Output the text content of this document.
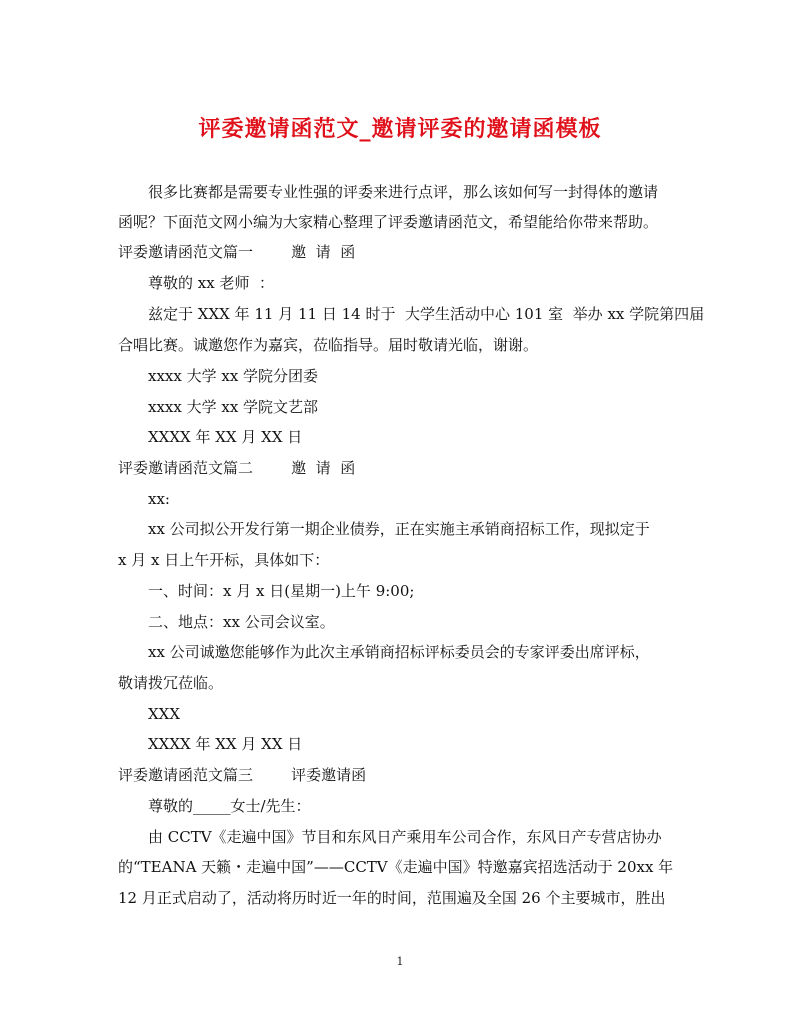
评委邀请函范文_邀请评委的邀请函模板
很多比赛都是需要专业性强的评委来进行点评，那么该如何写一封得体的邀请
函呢？下面范文网小编为大家精心整理了评委邀请函范文，希望能给你带来帮助。
评委邀请函范文篇一        邀  请  函
尊敬的 xx 老师  ：
兹定于 XXX 年 11 月 11 日 14 时于  大学生活动中心 101 室  举办 xx 学院第四届
合唱比赛。诚邀您作为嘉宾，莅临指导。届时敬请光临，谢谢。
xxxx 大学 xx 学院分团委
xxxx 大学 xx 学院文艺部
XXXX 年 XX 月 XX 日
评委邀请函范文篇二        邀  请  函
xx:
xx 公司拟公开发行第一期企业债券，正在实施主承销商招标工作，现拟定于
x 月 x 日上午开标，具体如下：
一、时间：x 月 x 日(星期一)上午 9:00;
二、地点：xx 公司会议室。
xx 公司诚邀您能够作为此次主承销商招标评标委员会的专家评委出席评标，
敬请拨冗莅临。
XXX
XXXX 年 XX 月 XX 日
评委邀请函范文篇三        评委邀请函
尊敬的_____女士/先生：
由 CCTV《走遍中国》节目和东风日产乘用车公司合作，东风日产专营店协办
的“TEANA 天籁・走遍中国”——CCTV《走遍中国》特邀嘉宾招选活动于 20xx 年
12 月正式启动了，活动将历时近一年的时间，范围遍及全国 26 个主要城市，胜出
1
